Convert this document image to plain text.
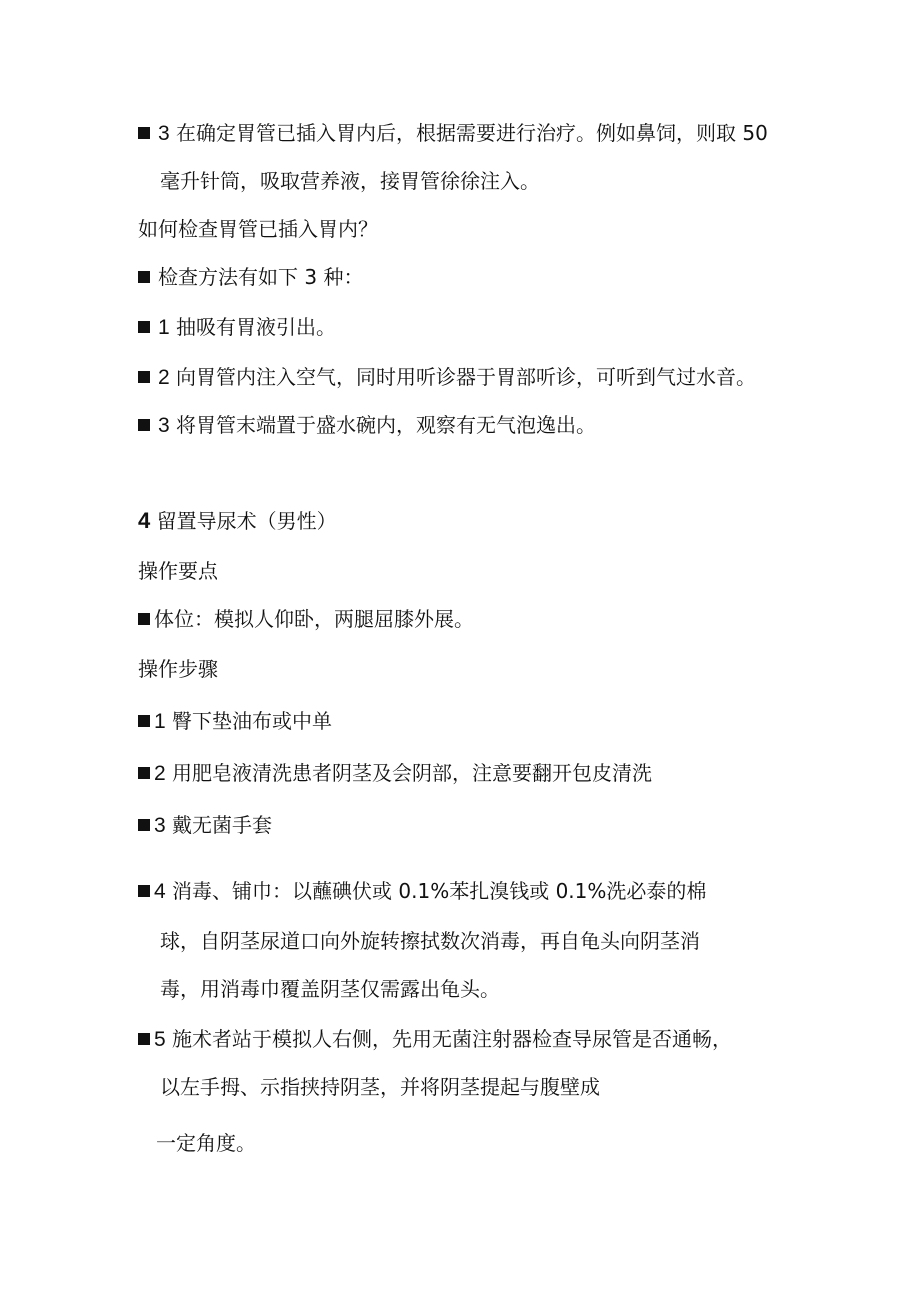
3 在确定胃管已插入胃内后，根据需要进行治疗。例如鼻饲，则取 50
毫升针筒，吸取营养液，接胃管徐徐注入。
如何检查胃管已插入胃内？
检查方法有如下 3 种：
1 抽吸有胃液引出。
2 向胃管内注入空气，同时用听诊器于胃部听诊，可听到气过水音。
3 将胃管末端置于盛水碗内，观察有无气泡逸出。
4 留置导尿术（男性）
操作要点
体位：模拟人仰卧，两腿屈膝外展。
操作步骤
1 臀下垫油布或中单
2 用肥皂液清洗患者阴茎及会阴部，注意要翻开包皮清洗
3 戴无菌手套
4 消毒、铺巾：以蘸碘伏或 0.1%苯扎溴钱或 0.1%洗必泰的棉
球，自阴茎尿道口向外旋转擦拭数次消毒，再自龟头向阴茎消
毒，用消毒巾覆盖阴茎仅需露出龟头。
5 施术者站于模拟人右侧，先用无菌注射器检查导尿管是否通畅，
以左手拇、示指挟持阴茎，并将阴茎提起与腹壁成
一定角度。
